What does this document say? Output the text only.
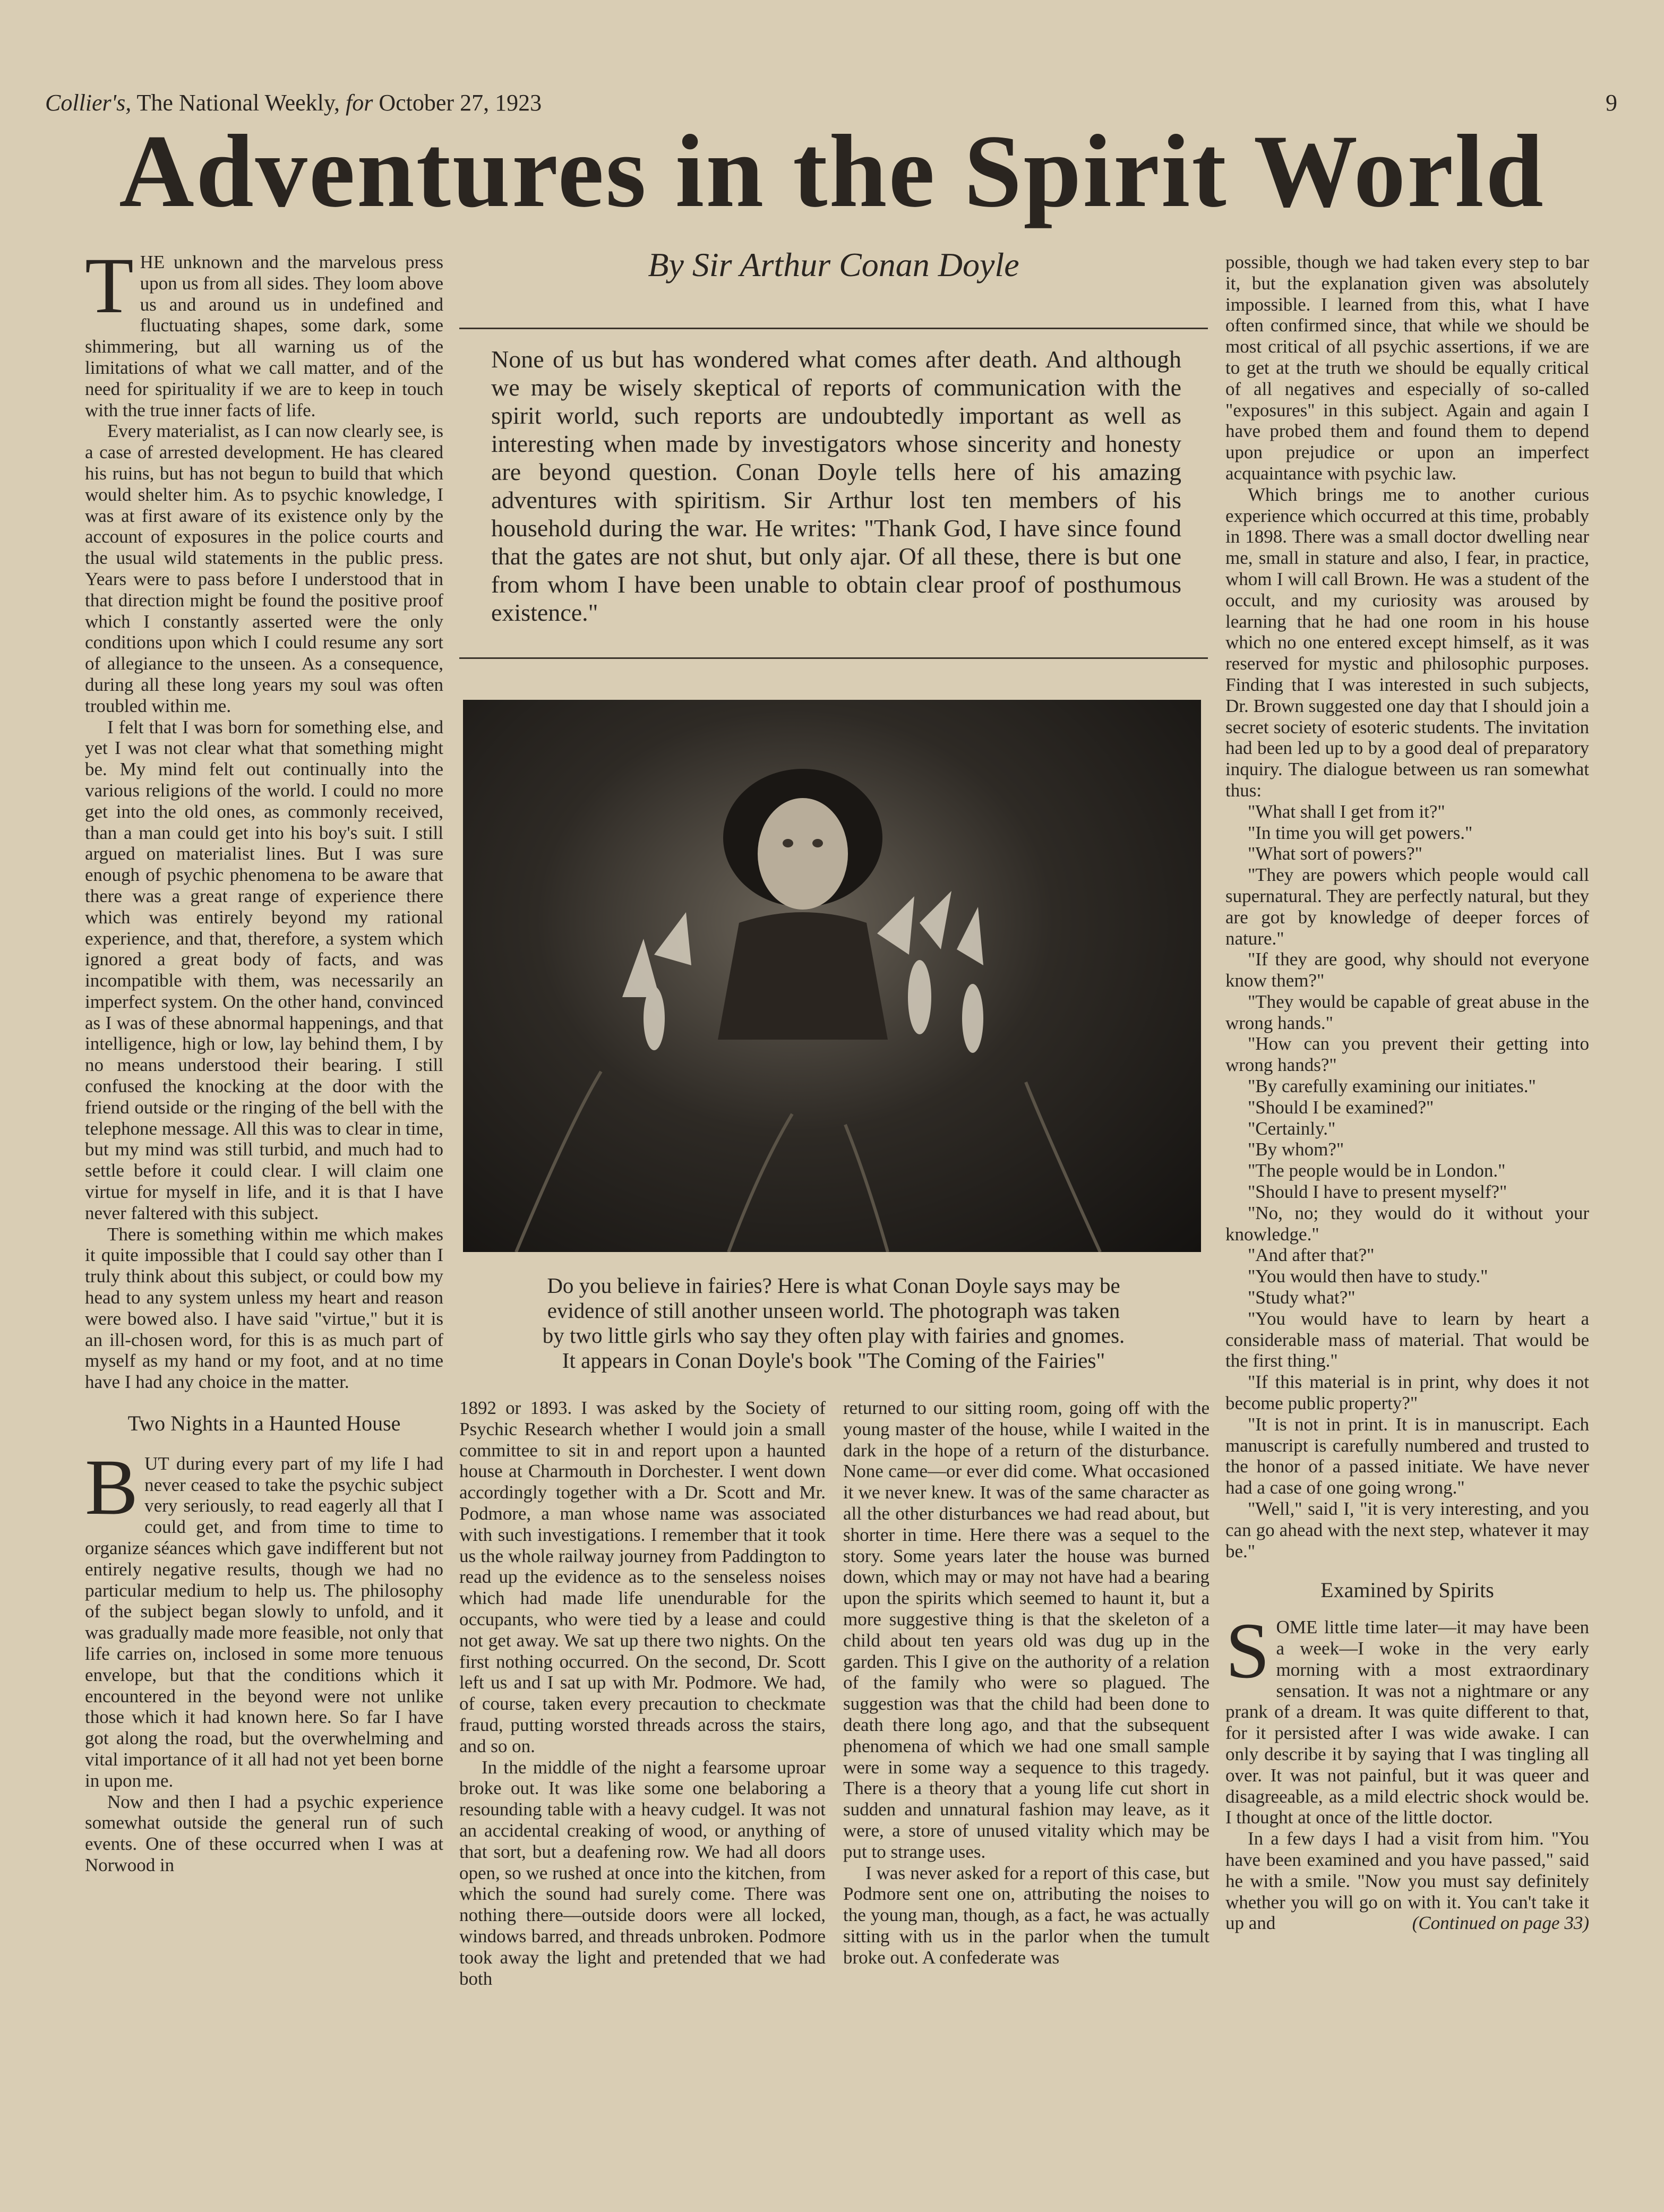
Collier's, The National Weekly, for October 27, 1923	9
Adventures in the Spirit World

THE unknown and the marvelous press upon us from all sides. They loom above us and around us in undefined and fluctuating shapes, some dark, some shimmering, but all warning us of the limitations of what we call matter, and of the need for spirituality if we are to keep in touch with the true inner facts of life.

Every materialist, as I can now clearly see, is a case of arrested development. He has cleared his ruins, but has not begun to build that which would shelter him. As to psychic knowledge, I was at first aware of its existence only by the account of exposures in the police courts and the usual wild statements in the public press. Years were to pass before I understood that in that direction might be found the positive proof which I constantly asserted were the only conditions upon which I could resume any sort of allegiance to the unseen. As a consequence, during all these long years my soul was often troubled within me.

I felt that I was born for something else, and yet I was not clear what that something might be. My mind felt out continually into the various religions of the world. I could no more get into the old ones, as commonly received, than a man could get into his boy's suit. I still argued on materialist lines. But I was sure enough of psychic phenomena to be aware that there was a great range of experience there which was entirely beyond my rational experience, and that, therefore, a system which ignored a great body of facts, and was incompatible with them, was necessarily an imperfect system. On the other hand, convinced as I was of these abnormal happenings, and that intelligence, high or low, lay behind them, I by no means understood their bearing. I still confused the knocking at the door with the friend outside or the ringing of the bell with the telephone message. All this was to clear in time, but my mind was still turbid, and much had to settle before it could clear. I will claim one virtue for myself in life, and it is that I have never faltered with this subject.

There is something within me which makes it quite impossible that I could say other than I truly think about this subject, or could bow my head to any system unless my heart and reason were bowed also. I have said "virtue," but it is an ill-chosen word, for this is as much part of myself as my hand or my foot, and at no time have I had any choice in the matter.

Two Nights in a Haunted House

BUT during every part of my life I had never ceased to take the psychic subject very seriously, to read eagerly all that I could get, and from time to time to organize séances which gave indifferent but not entirely negative results, though we had no particular medium to help us. The philosophy of the subject began slowly to unfold, and it was gradually made more feasible, not only that life carries on, inclosed in some more tenuous envelope, but that the conditions which it encountered in the beyond were not unlike those which it had known here. So far I have got along the road, but the overwhelming and vital importance of it all had not yet been borne in upon me.

Now and then I had a psychic experience somewhat outside the general run of such events. One of these occurred when I was at Norwood in

By Sir Arthur Conan Doyle
None of us but has wondered what comes after death. And although we may be wisely skeptical of reports of communication with the spirit world, such reports are undoubtedly important as well as interesting when made by investigators whose sincerity and honesty are beyond question. Conan Doyle tells here of his amazing adventures with spiritism. Sir Arthur lost ten members of his household during the war. He writes: "Thank God, I have since found that the gates are not shut, but only ajar. Of all these, there is but one from whom I have been unable to obtain clear proof of posthumous existence."

Do you believe in fairies? Here is what Conan Doyle says may be

evidence of still another unseen world. The photograph was taken

by two little girls who say they often play with fairies and gnomes.

It appears in Conan Doyle's book "The Coming of the Fairies"

1892 or 1893. I was asked by the Society of Psychic Research whether I would join a small committee to sit in and report upon a haunted house at Charmouth in Dorchester. I went down accordingly together with a Dr. Scott and Mr. Podmore, a man whose name was associated with such investigations. I remember that it took us the whole railway journey from Paddington to read up the evidence as to the senseless noises which had made life unendurable for the occupants, who were tied by a lease and could not get away. We sat up there two nights. On the first nothing occurred. On the second, Dr. Scott left us and I sat up with Mr. Podmore. We had, of course, taken every precaution to checkmate fraud, putting worsted threads across the stairs, and so on.

In the middle of the night a fearsome uproar broke out. It was like some one belaboring a resounding table with a heavy cudgel. It was not an accidental creaking of wood, or anything of that sort, but a deafening row. We had all doors open, so we rushed at once into the kitchen, from which the sound had surely come. There was nothing there—outside doors were all locked, windows barred, and threads unbroken. Podmore took away the light and pretended that we had both

returned to our sitting room, going off with the young master of the house, while I waited in the dark in the hope of a return of the disturbance. None came—or ever did come. What occasioned it we never knew. It was of the same character as all the other disturbances we had read about, but shorter in time. Here there was a sequel to the story. Some years later the house was burned down, which may or may not have had a bearing upon the spirits which seemed to haunt it, but a more suggestive thing is that the skeleton of a child about ten years old was dug up in the garden. This I give on the authority of a relation of the family who were so plagued. The suggestion was that the child had been done to death there long ago, and that the subsequent phenomena of which we had one small sample were in some way a sequence to this tragedy. There is a theory that a young life cut short in sudden and unnatural fashion may leave, as it were, a store of unused vitality which may be put to strange uses.

I was never asked for a report of this case, but Podmore sent one on, attributing the noises to the young man, though, as a fact, he was actually sitting with us in the parlor when the tumult broke out. A confederate was

possible, though we had taken every step to bar it, but the explanation given was absolutely impossible. I learned from this, what I have often confirmed since, that while we should be most critical of all psychic assertions, if we are to get at the truth we should be equally critical of all negatives and especially of so-called "exposures" in this subject. Again and again I have probed them and found them to depend upon prejudice or upon an imperfect acquaintance with psychic law.

Which brings me to another curious experience which occurred at this time, probably in 1898. There was a small doctor dwelling near me, small in stature and also, I fear, in practice, whom I will call Brown. He was a student of the occult, and my curiosity was aroused by learning that he had one room in his house which no one entered except himself, as it was reserved for mystic and philosophic purposes. Finding that I was interested in such subjects, Dr. Brown suggested one day that I should join a secret society of esoteric students. The invitation had been led up to by a good deal of preparatory inquiry. The dialogue between us ran somewhat thus:

"What shall I get from it?"

"In time you will get powers."

"What sort of powers?"

"They are powers which people would call supernatural. They are perfectly natural, but they are got by knowledge of deeper forces of nature."

"If they are good, why should not everyone know them?"

"They would be capable of great abuse in the wrong hands."

"How can you prevent their getting into wrong hands?"

"By carefully examining our initiates."

"Should I be examined?"

"Certainly."

"By whom?"

"The people would be in London."

"Should I have to present myself?"

"No, no; they would do it without your knowledge."

"And after that?"

"You would then have to study."

"Study what?"

"You would have to learn by heart a considerable mass of material. That would be the first thing."

"If this material is in print, why does it not become public property?"

"It is not in print. It is in manuscript. Each manuscript is carefully numbered and trusted to the honor of a passed initiate. We have never had a case of one going wrong."

"Well," said I, "it is very interesting, and you can go ahead with the next step, whatever it may be."

Examined by Spirits

SOME little time later—it may have been a week—I woke in the very early morning with a most extraordinary sensation. It was not a nightmare or any prank of a dream. It was quite different to that, for it persisted after I was wide awake. I can only describe it by saying that I was tingling all over. It was not painful, but it was queer and disagreeable, as a mild electric shock would be. I thought at once of the little doctor.

In a few days I had a visit from him. "You have been examined and you have passed," said he with a smile. "Now you must say definitely whether you will go on with it. You can't take it up and	(Continued on page 33)
